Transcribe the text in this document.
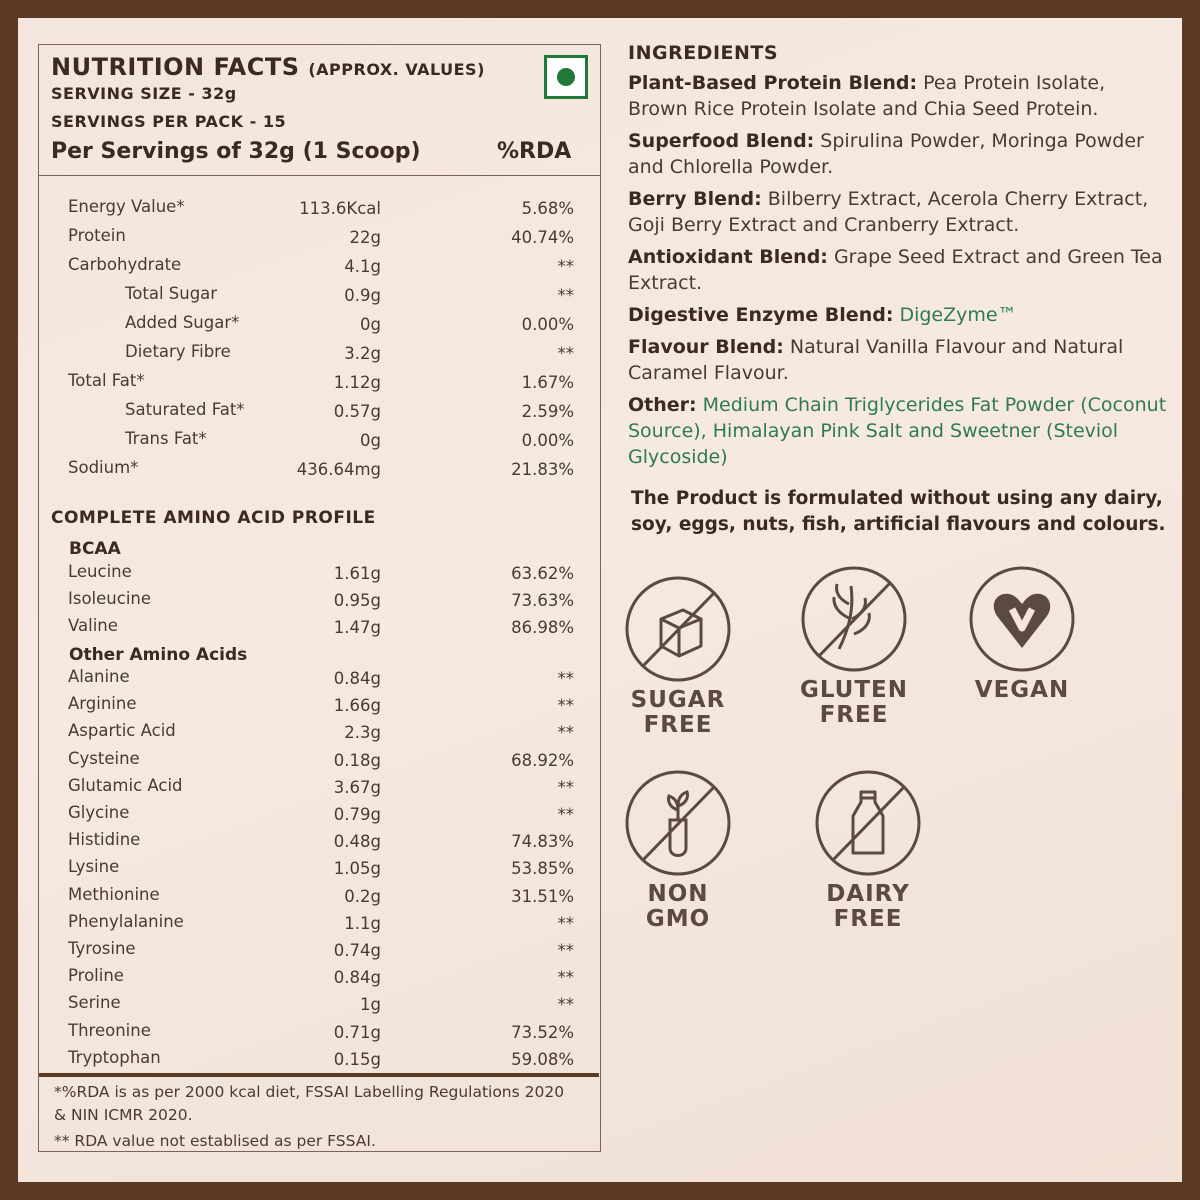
NUTRITION FACTS (APPROX. VALUES)
SERVING SIZE - 32g
SERVINGS PER PACK - 15
Per Servings of 32g (1 Scoop)	%RDA
Energy Value*	113.6Kcal	5.68%
Protein	22g	40.74%
Carbohydrate	4.1g	**
Total Sugar	0.9g	**
Added Sugar*	0g	0.00%
Dietary Fibre	3.2g	**
Total Fat*	1.12g	1.67%
Saturated Fat*	0.57g	2.59%
Trans Fat*	0g	0.00%
Sodium*	436.64mg	21.83%
COMPLETE AMINO ACID PROFILE
BCAA
Leucine	1.61g	63.62%
Isoleucine	0.95g	73.63%
Valine	1.47g	86.98%
Other Amino Acids
Alanine	0.84g	**
Arginine	1.66g	**
Aspartic Acid	2.3g	**
Cysteine	0.18g	68.92%
Glutamic Acid	3.67g	**
Glycine	0.79g	**
Histidine	0.48g	74.83%
Lysine	1.05g	53.85%
Methionine	0.2g	31.51%
Phenylalanine	1.1g	**
Tyrosine	0.74g	**
Proline	0.84g	**
Serine	1g	**
Threonine	0.71g	73.52%
Tryptophan	0.15g	59.08%
*%RDA is as per 2000 kcal diet, FSSAI Labelling Regulations 2020 & NIN ICMR 2020.
** RDA value not establised as per FSSAI.
INGREDIENTS

Plant-Based Protein Blend: Pea Protein Isolate, Brown Rice Protein Isolate and Chia Seed Protein.

Superfood Blend: Spirulina Powder, Moringa Powder and Chlorella Powder.

Berry Blend: Bilberry Extract, Acerola Cherry Extract, Goji Berry Extract and Cranberry Extract.

Antioxidant Blend: Grape Seed Extract and Green Tea Extract.

Digestive Enzyme Blend: DigeZyme™

Flavour Blend: Natural Vanilla Flavour and Natural Caramel Flavour.

Other: Medium Chain Triglycerides Fat Powder (Coconut Source), Himalayan Pink Salt and Sweetner (Steviol Glycoside)

The Product is formulated without using any dairy, soy, eggs, nuts, fish, artificial flavours and colours.
SUGAR
FREE
GLUTEN
FREE
VEGAN
NON
GMO
DAIRY
FREE
